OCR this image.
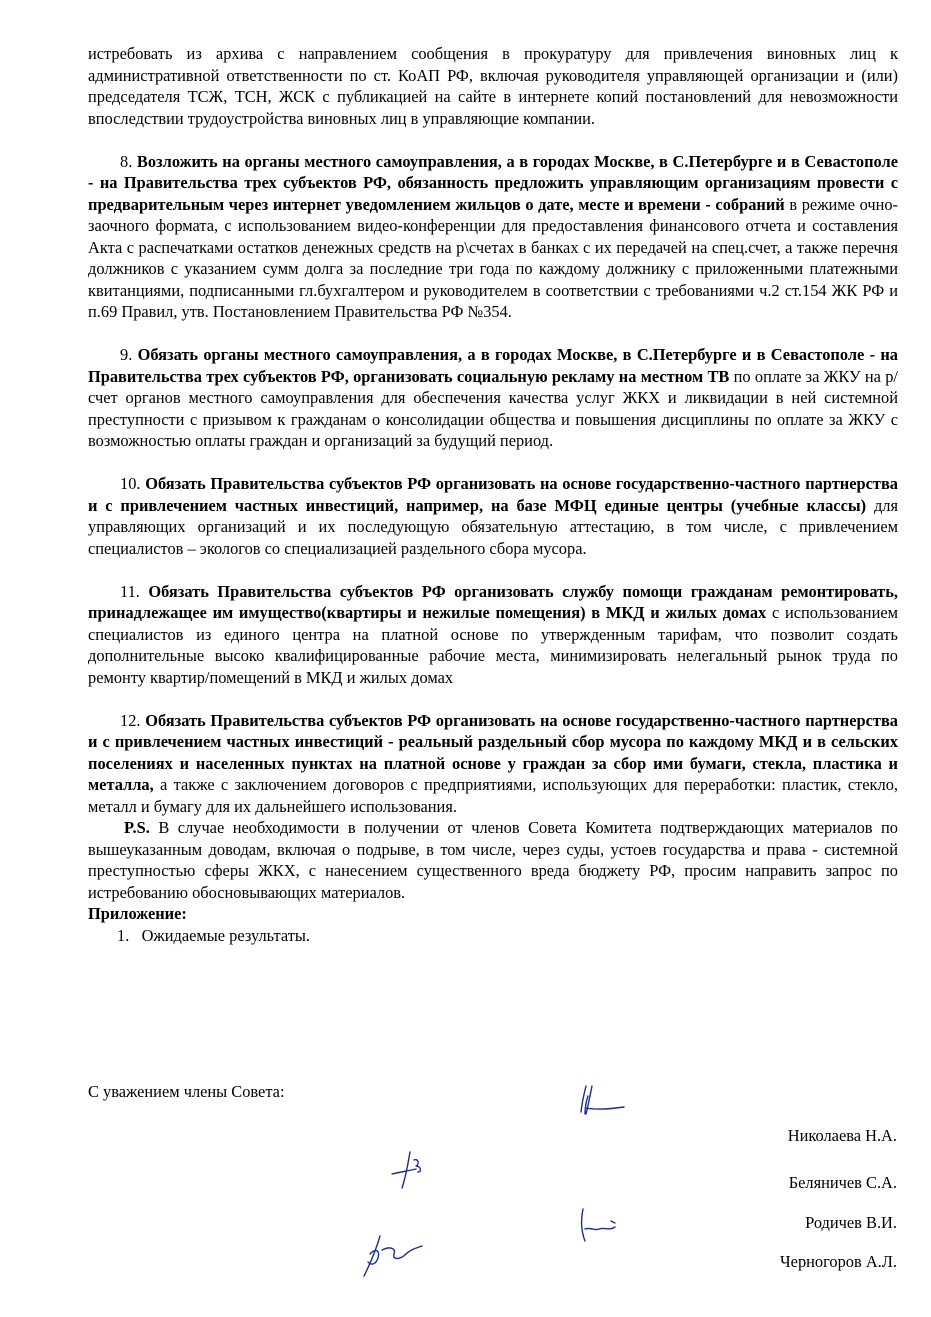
истребовать из архива с направлением сообщения в прокуратуру для привлечения виновных лиц к административной ответственности по ст. КоАП РФ, включая руководителя управляющей организации и (или) председателя ТСЖ, ТСН, ЖСК с публикацией на сайте в интернете копий постановлений для невозможности впоследствии трудоустройства виновных лиц в управляющие компании.

8. Возложить на органы местного самоуправления, а в городах Москве, в С.Петербурге и в Севастополе - на Правительства трех субъектов РФ, обязанность предложить управляющим организациям провести с предварительным через интернет уведомлением жильцов о дате, месте и времени - собраний в режиме очно-заочного формата, с использованием видео-конференции для предоставления финансового отчета и составления Акта с распечатками остатков денежных средств на р\счетах в банках с их передачей на спец.счет, а также перечня должников с указанием сумм долга за последние три года по каждому должнику с приложенными платежными квитанциями, подписанными гл.бухгалтером и руководителем в соответствии с требованиями ч.2 ст.154 ЖК РФ и п.69 Правил, утв. Постановлением Правительства РФ №354.

9. Обязать органы местного самоуправления, а в городах Москве, в С.Петербурге и в Севастополе - на Правительства трех субъектов РФ, организовать социальную рекламу на местном ТВ по оплате за ЖКУ на р/счет органов местного самоуправления для обеспечения качества услуг ЖКХ и ликвидации в ней системной преступности с призывом к гражданам о консолидации общества и повышения дисциплины по оплате за ЖКУ с возможностью оплаты граждан и организаций за будущий период.

10. Обязать Правительства субъектов РФ организовать на основе государственно-частного партнерства и с привлечением частных инвестиций, например, на базе МФЦ единые центры (учебные классы) для управляющих организаций и их последующую обязательную аттестацию, в том числе, с привлечением специалистов – экологов со специализацией раздельного сбора мусора.

11. Обязать Правительства субъектов РФ организовать службу помощи гражданам ремонтировать, принадлежащее им имущество(квартиры и нежилые помещения) в МКД и жилых домах с использованием специалистов из единого центра на платной основе по утвержденным тарифам, что позволит создать дополнительные высоко квалифицированные рабочие места, минимизировать нелегальный рынок труда по ремонту квартир/помещений в МКД и жилых домах

12. Обязать Правительства субъектов РФ организовать на основе государственно-частного партнерства и с привлечением частных инвестиций - реальный раздельный сбор мусора по каждому МКД и в сельских поселениях и населенных пунктах на платной основе у граждан за сбор ими бумаги, стекла, пластика и металла, а также с заключением договоров с предприятиями, использующих для переработки: пластик, стекло, металл и бумагу для их дальнейшего использования.

P.S. В случае необходимости в получении от членов Совета Комитета подтверждающих материалов по вышеуказанным доводам, включая о подрыве, в том числе, через суды, устоев государства и права - системной преступностью сферы ЖКХ, с нанесением существенного вреда бюджету РФ, просим направить запрос по истребованию обосновывающих материалов.

Приложение:

1. Ожидаемые результаты.

С уважением члены Совета:
Николаева Н.А.
Беляничев С.А.
Родичев В.И.
Черногоров А.Л.
